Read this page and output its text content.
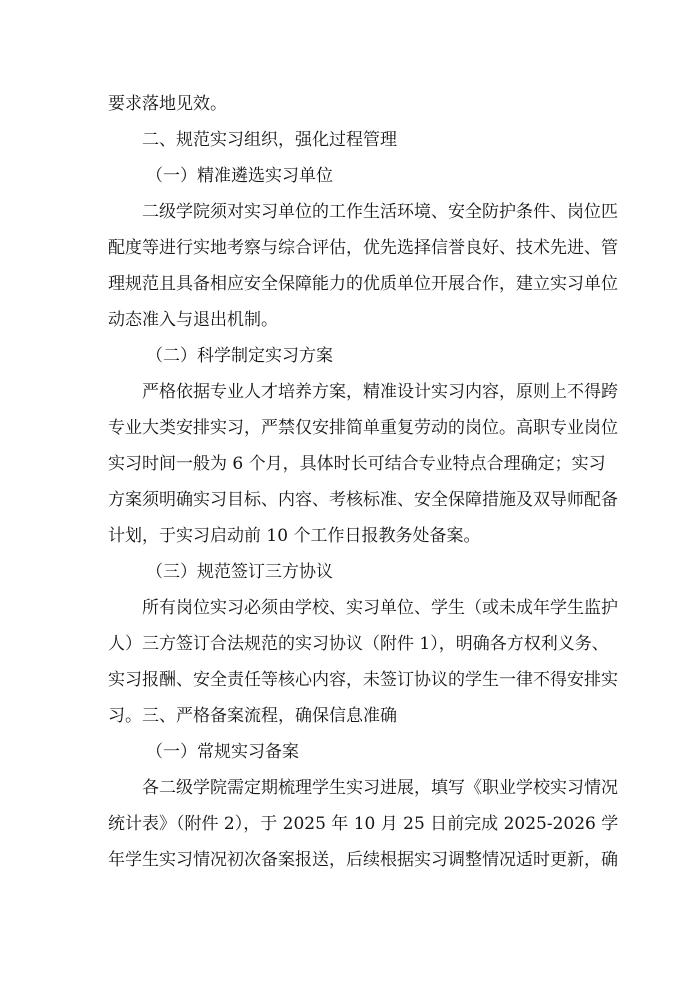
要求落地见效。
二、规范实习组织，强化过程管理
（一）精准遴选实习单位
二级学院须对实习单位的工作生活环境、安全防护条件、岗位匹
配度等进行实地考察与综合评估，优先选择信誉良好、技术先进、管
理规范且具备相应安全保障能力的优质单位开展合作，建立实习单位
动态准入与退出机制。
（二）科学制定实习方案
严格依据专业人才培养方案，精准设计实习内容，原则上不得跨
专业大类安排实习，严禁仅安排简单重复劳动的岗位。高职专业岗位
实习时间一般为 6 个月，具体时长可结合专业特点合理确定；实习
方案须明确实习目标、内容、考核标准、安全保障措施及双导师配备
计划，于实习启动前 10 个工作日报教务处备案。
（三）规范签订三方协议
所有岗位实习必须由学校、实习单位、学生（或未成年学生监护
人）三方签订合法规范的实习协议（附件 1），明确各方权利义务、
实习报酬、安全责任等核心内容，未签订协议的学生一律不得安排实
习。三、严格备案流程，确保信息准确
（一）常规实习备案
各二级学院需定期梳理学生实习进展，填写《职业学校实习情况
统计表》（附件 2），于 2025 年 10 月 25 日前完成 2025-2026 学
年学生实习情况初次备案报送，后续根据实习调整情况适时更新，确
